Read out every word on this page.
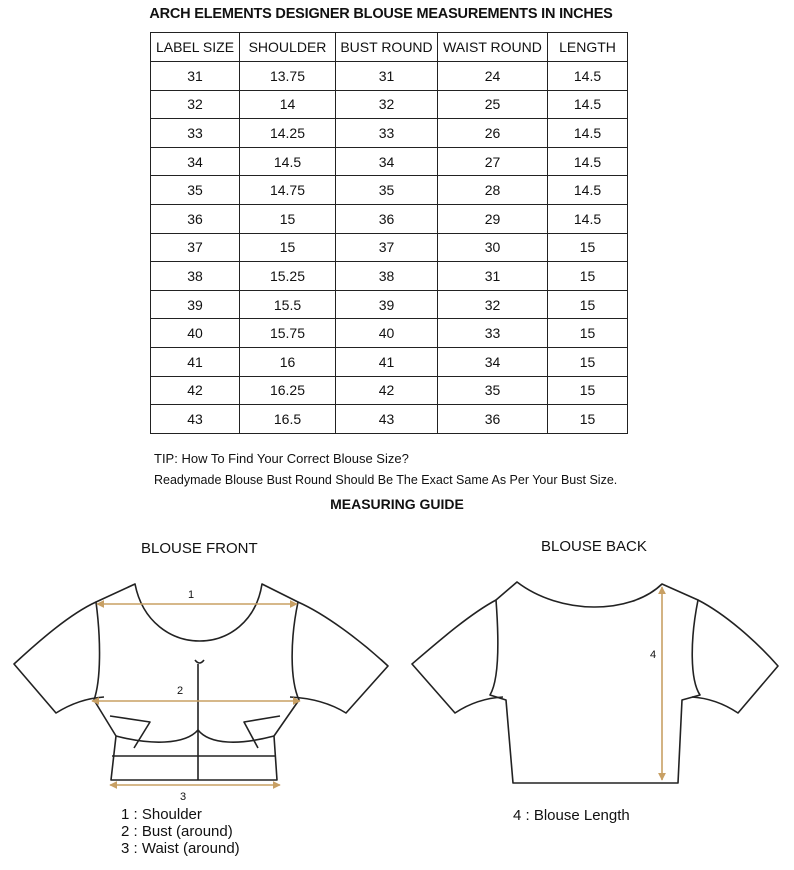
ARCH ELEMENTS DESIGNER BLOUSE MEASUREMENTS IN INCHES
LABEL SIZE	SHOULDER	BUST ROUND	WAIST ROUND	LENGTH
31	13.75	31	24	14.5
32	14	32	25	14.5
33	14.25	33	26	14.5
34	14.5	34	27	14.5
35	14.75	35	28	14.5
36	15	36	29	14.5
37	15	37	30	15
38	15.25	38	31	15
39	15.5	39	32	15
40	15.75	40	33	15
41	16	41	34	15
42	16.25	42	35	15
43	16.5	43	36	15
TIP: How To Find Your Correct Blouse Size?
Readymade Blouse Bust Round Should Be The Exact Same As Per Your Bust Size.
MEASURING GUIDE
BLOUSE FRONT	BLOUSE BACK
1
2
3
4
1 : Shoulder
2 : Bust (around)
3 : Waist (around)
4 : Blouse Length
